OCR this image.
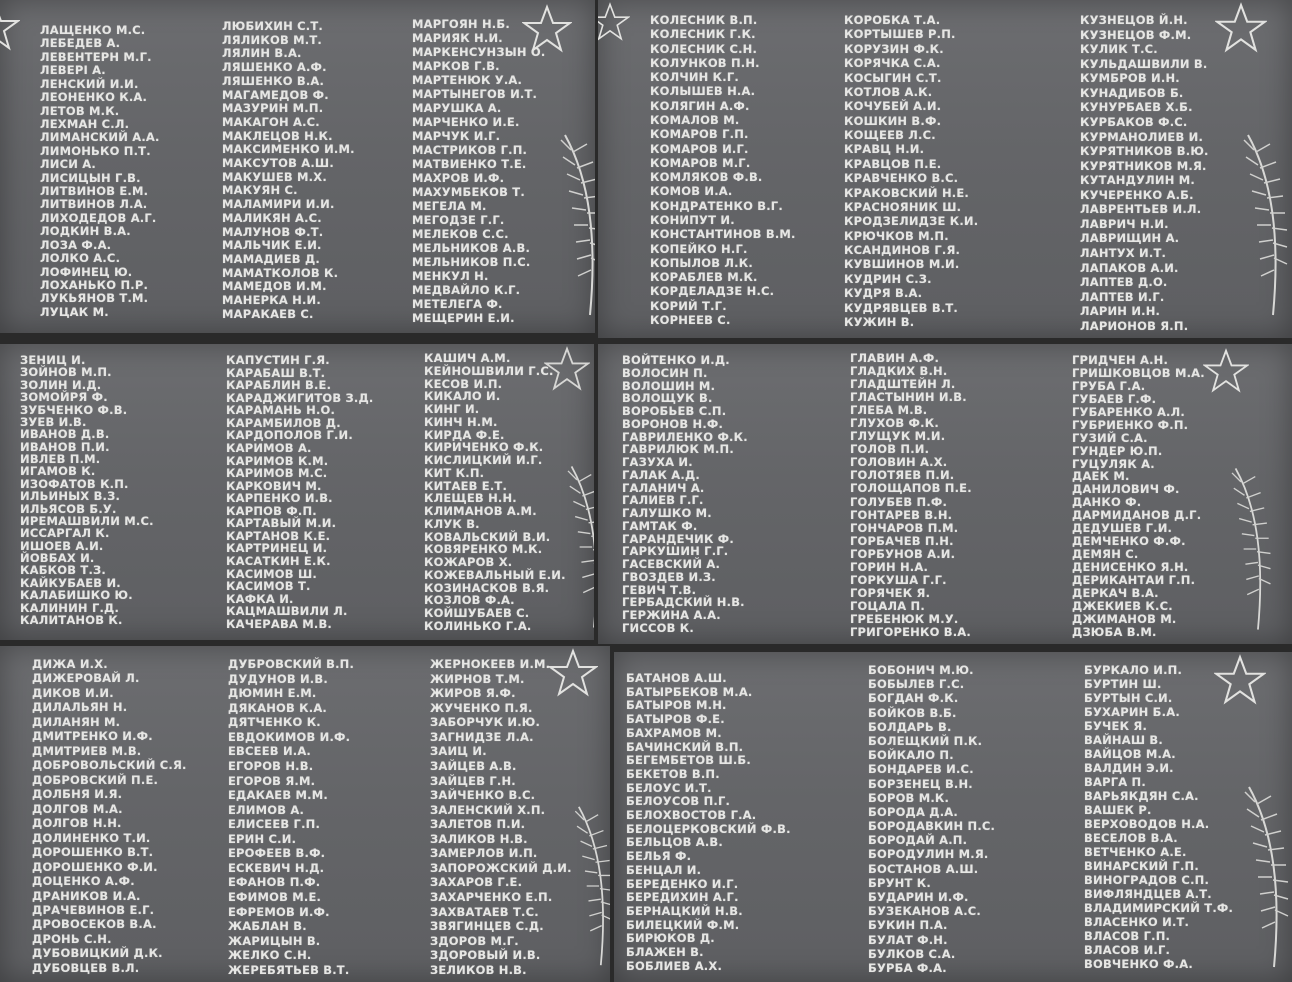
ЛАЩЕНКО М.С.
ЛЕБЕДЕВ А.
ЛЕВЕНТЕРН М.Г.
ЛЕВЕРІ А.
ЛЕНСКИЙ И.И.
ЛЕОНЕНКО К.А.
ЛЕТОВ М.К.
ЛЕХМАН С.Л.
ЛИМАНСКИЙ А.А.
ЛИМОНЬКО П.Т.
ЛИСИ А.
ЛИСИЦЫН Г.В.
ЛИТВИНОВ Е.М.
ЛИТВИНОВ Л.А.
ЛИХОДЕДОВ А.Г.
ЛОДКИН В.А.
ЛОЗА Ф.А.
ЛОЛКО А.С.
ЛОФИНЕЦ Ю.
ЛОХАНЬКО П.Р.
ЛУКЬЯНОВ Т.М.
ЛУЦАК М.
ЛЮБИХИН С.Т.
ЛЯЛИКОВ М.Т.
ЛЯЛИН В.А.
ЛЯШЕНКО А.Ф.
ЛЯШЕНКО В.А.
МАГАМЕДОВ Ф.
МАЗУРИН М.П.
МАКАГОН А.С.
МАКЛЕЦОВ Н.К.
МАКСИМЕНКО И.М.
МАКСУТОВ А.Ш.
МАКУШЕВ М.Х.
МАКУЯН С.
МАЛАМИРИ И.И.
МАЛИКЯН А.С.
МАЛУНОВ Ф.Т.
МАЛЬЧИК Е.И.
МАМАДИЕВ Д.
МАМАТКОЛОВ К.
МАМЕДОВ И.М.
МАНЕРКА Н.И.
МАРАКАЕВ С.
МАРГОЯН Н.Б.
МАРИЯК Н.И.
МАРКЕНСУНЗЫН О.
МАРКОВ Г.В.
МАРТЕНЮК У.А.
МАРТЫНЕГОВ И.Т.
МАРУШКА А.
МАРЧЕНКО И.Е.
МАРЧУК И.Г.
МАСТРИКОВ Г.П.
МАТВИЕНКО Т.Е.
МАХРОВ И.Ф.
МАХУМБЕКОВ Т.
МЕГЕЛА М.
МЕГОДЗЕ Г.Г.
МЕЛЕКОВ С.С.
МЕЛЬНИКОВ А.В.
МЕЛЬНИКОВ П.С.
МЕНКУЛ Н.
МЕДВАЙЛО К.Г.
МЕТЕЛЕГА Ф.
МЕЩЕРИН Е.И.
КОЛЕСНИК В.П.
КОЛЕСНИК Г.К.
КОЛЕСНИК С.Н.
КОЛУНКОВ П.Н.
КОЛЧИН К.Г.
КОЛЫШЕВ Н.А.
КОЛЯГИН А.Ф.
КОМАЛОВ М.
КОМАРОВ Г.П.
КОМАРОВ И.Г.
КОМАРОВ М.Г.
КОМЛЯКОВ Ф.В.
КОМОВ И.А.
КОНДРАТЕНКО В.Г.
КОНИПУТ И.
КОНСТАНТИНОВ В.М.
КОПЕЙКО Н.Г.
КОПЫЛОВ Л.К.
КОРАБЛЕВ М.К.
КОРДЕЛАДЗЕ Н.С.
КОРИЙ Т.Г.
КОРНЕЕВ С.
КОРОБКА Т.А.
КОРТЫШЕВ Р.П.
КОРУЗИН Ф.К.
КОРЯЧКА С.А.
КОСЫГИН С.Т.
КОТЛОВ А.К.
КОЧУБЕЙ А.И.
КОШКИН В.Ф.
КОЩЕЕВ Л.С.
КРАВЦ Н.И.
КРАВЦОВ П.Е.
КРАВЧЕНКО В.С.
КРАКОВСКИЙ Н.Е.
КРАСНОЯНИК Ш.
КРОДЗЕЛИДЗЕ К.И.
КРЮЧКОВ М.П.
КСАНДИНОВ Г.Я.
КУВШИНОВ М.И.
КУДРИН С.З.
КУДРЯ В.А.
КУДРЯВЦЕВ В.Т.
КУЖИН В.
КУЗНЕЦОВ Й.Н.
КУЗНЕЦОВ Ф.М.
КУЛИК Т.С.
КУЛЬДАШВИЛИ В.
КУМБРОВ И.Н.
КУНАДИБОВ Б.
КУНУРБАЕВ Х.Б.
КУРБАКОВ Ф.С.
КУРМАНОЛИЕВ И.
КУРЯТНИКОВ В.Ю.
КУРЯТНИКОВ М.Я.
КУТАНДУЛИН М.
КУЧЕРЕНКО А.Б.
ЛАВРЕНТЬЕВ И.Л.
ЛАВРИЧ Н.И.
ЛАВРИЩИН А.
ЛАНТУХ И.Т.
ЛАПАКОВ А.И.
ЛАПТЕВ Д.О.
ЛАПТЕВ И.Г.
ЛАРИН И.Н.
ЛАРИОНОВ Я.П.
ЗЕНИЦ И.
ЗОЙНОВ М.П.
ЗОЛИН И.Д.
ЗОМОЙРЯ Ф.
ЗУБЧЕНКО Ф.В.
ЗУЕВ И.В.
ИВАНОВ Д.В.
ИВАНОВ П.И.
ИВЛЕВ П.М.
ИГАМОВ К.
ИЗОФАТОВ К.П.
ИЛЬИНЫХ В.З.
ИЛЬЯСОВ Б.У.
ИРЕМАШВИЛИ М.С.
ИССАРГАЛ К.
ИШОЕВ А.И.
ЙОВБАХ И.
КАБКОВ Т.З.
КАЙКУБАЕВ И.
КАЛАБИШКО Ю.
КАЛИНИН Г.Д.
КАЛИТАНОВ К.
КАПУСТИН Г.Я.
КАРАБАШ В.Т.
КАРАБЛИН В.Е.
КАРАДЖИГИТОВ З.Д.
КАРАМАНЬ Н.О.
КАРАМБИЛОВ Д.
КАРДОПОЛОВ Г.И.
КАРИМОВ А.
КАРИМОВ К.М.
КАРИМОВ М.С.
КАРКОВИЧ М.
КАРПЕНКО И.В.
КАРПОВ Ф.П.
КАРТАВЫЙ М.И.
КАРТАНОВ К.Е.
КАРТРИНЕЦ И.
КАСАТКИН Е.К.
КАСИМОВ Ш.
КАСИМОВ Т.
КАФКА И.
КАЦМАШВИЛИ Л.
КАЧЕРАВА М.В.
КАШИЧ А.М.
КЕЙНОШВИЛИ Г.С.
КЕСОВ И.П.
КИКАЛО И.
КИНГ И.
КИНЧ Н.М.
КИРДА Ф.Е.
КИРИЧЕНКО Ф.К.
КИСЛИЦКИЙ И.Г.
КИТ К.П.
КИТАЕВ Е.Т.
КЛЕЩЕВ Н.Н.
КЛИМАНОВ А.М.
КЛУК В.
КОВАЛЬСКИЙ В.И.
КОВЯРЕНКО М.К.
КОЖАРОВ Х.
КОЖЕВАЛЬНЫЙ Е.И.
КОЗИНАСКОВ В.Я.
КОЗЛОВ Ф.А.
КОЙШУБАЕВ С.
КОЛИНЬКО Г.А.
ВОЙТЕНКО И.Д.
ВОЛОСИН П.
ВОЛОШИН М.
ВОЛОЩУК В.
ВОРОБЬЕВ С.П.
ВОРОНОВ Н.Ф.
ГАВРИЛЕНКО Ф.К.
ГАВРИЛЮК М.П.
ГАЗУХА И.
ГАЛАК А.Д.
ГАЛАНИЧ А.
ГАЛИЕВ Г.Г.
ГАЛУШКО М.
ГАМТАК Ф.
ГАРАНДЕЧИК Ф.
ГАРКУШИН Г.Г.
ГАСЕВСКИЙ А.
ГВОЗДЕВ И.З.
ГЕВИЧ Т.В.
ГЕРБАДСКИЙ Н.В.
ГЕРЖИНА А.А.
ГИССОВ К.
ГЛАВИН А.Ф.
ГЛАДКИХ В.Н.
ГЛАДШТЕЙН Л.
ГЛАСТЫНИН И.В.
ГЛЕБА М.В.
ГЛУХОВ Ф.К.
ГЛУЩУК М.И.
ГОЛОВ П.И.
ГОЛОВИН А.Х.
ГОЛОТЯЕВ П.И.
ГОЛОЩАПОВ П.Е.
ГОЛУБЕВ П.Ф.
ГОНТАРЕВ В.Н.
ГОНЧАРОВ П.М.
ГОРБАЧЕВ П.Н.
ГОРБУНОВ А.И.
ГОРИН Н.А.
ГОРКУША Г.Г.
ГОРЯЧЕК Я.
ГОЦАЛА П.
ГРЕБЕНЮК М.У.
ГРИГОРЕНКО В.А.
ГРИДЧЕН А.Н.
ГРИШКОВЦОВ М.А.
ГРУБА Г.А.
ГУБАЕВ Г.Ф.
ГУБАРЕНКО А.Л.
ГУБРИЕНКО Ф.П.
ГУЗИЙ С.А.
ГУНДЕР Ю.П.
ГУЦУЛЯК А.
ДАЕК М.
ДАНИЛОВИЧ Ф.
ДАНКО Ф.
ДАРМИДАНОВ Д.Г.
ДЕДУШЕВ Г.И.
ДЕМЧЕНКО Ф.Ф.
ДЕМЯН С.
ДЕНИСЕНКО Я.Н.
ДЕРИКАНТАИ Г.П.
ДЕРКАЧ В.А.
ДЖЕКИЕВ К.С.
ДЖИМАНОВ М.
ДЗЮБА В.М.
ДИЖА И.Х.
ДИЖЕРОВАЙ Л.
ДИКОВ И.И.
ДИЛАЛЬЯН Н.
ДИЛАНЯН М.
ДМИТРЕНКО И.Ф.
ДМИТРИЕВ М.В.
ДОБРОВОЛЬСКИЙ С.Я.
ДОБРОВСКИЙ П.Е.
ДОЛБНЯ И.Я.
ДОЛГОВ М.А.
ДОЛГОВ Н.Н.
ДОЛИНЕНКО Т.И.
ДОРОШЕНКО В.Т.
ДОРОШЕНКО Ф.И.
ДОЦЕНКО А.Ф.
ДРАНИКОВ И.А.
ДРАЧЕВИНОВ Е.Г.
ДРОВОСЕКОВ В.А.
ДРОНЬ С.Н.
ДУБОВИЦКИЙ Д.К.
ДУБОВЦЕВ В.Л.
ДУБРОВСКИЙ В.П.
ДУДУНОВ И.В.
ДЮМИН Е.М.
ДЯКАНОВ К.А.
ДЯТЧЕНКО К.
ЕВДОКИМОВ И.Ф.
ЕВСЕЕВ И.А.
ЕГОРОВ Н.В.
ЕГОРОВ Я.М.
ЕДАКАЕВ М.М.
ЕЛИМОВ А.
ЕЛИСЕЕВ Г.П.
ЕРИН С.И.
ЕРОФЕЕВ В.Ф.
ЕСКЕВИЧ Н.Д.
ЕФАНОВ П.Ф.
ЕФИМОВ М.Е.
ЕФРЕМОВ И.Ф.
ЖАБЛАН В.
ЖАРИЦЫН В.
ЖЕЛКО С.Н.
ЖЕРЕБЯТЬЕВ В.Т.
ЖЕРНОКЕЕВ И.М.
ЖИРНОВ Т.М.
ЖИРОВ Я.Ф.
ЖУЧЕНКО П.Я.
ЗАБОРЧУК И.Ю.
ЗАГНИДЗЕ Л.А.
ЗАИЦ И.
ЗАЙЦЕВ А.В.
ЗАЙЦЕВ Г.Н.
ЗАЙЧЕНКО В.С.
ЗАЛЕНСКИЙ Х.П.
ЗАЛЕТОВ П.И.
ЗАЛИКОВ Н.В.
ЗАМЕРЛОВ И.П.
ЗАПОРОЖСКИЙ Д.И.
ЗАХАРОВ Г.Е.
ЗАХАРЧЕНКО Е.П.
ЗАХВАТАЕВ Т.С.
ЗВЯГИНЦЕВ С.Д.
ЗДОРОВ М.Г.
ЗДОРОВЫЙ И.В.
ЗЕЛИКОВ Н.В.
БАТАНОВ А.Ш.
БАТЫРБЕКОВ М.А.
БАТЫРОВ М.Н.
БАТЫРОВ Ф.Е.
БАХРАМОВ М.
БАЧИНСКИЙ В.П.
БЕГЕМБЕТОВ Ш.Б.
БЕКЕТОВ В.П.
БЕЛОУС И.Т.
БЕЛОУСОВ П.Г.
БЕЛОХВОСТОВ Г.А.
БЕЛОЦЕРКОВСКИЙ Ф.В.
БЕЛЬЦОВ А.В.
БЕЛЬЯ Ф.
БЕНЦАЛ И.
БЕРЕДЕНКО И.Г.
БЕРЕДИХИН А.Г.
БЕРНАЦКИЙ Н.В.
БИЛЕЦКИЙ Ф.М.
БИРЮКОВ Д.
БЛАЖЕН В.
БОБЛИЕВ А.Х.
БОБОНИЧ М.Ю.
БОБЫЛЕВ Г.С.
БОГДАН Ф.К.
БОЙКОВ В.Б.
БОЛДАРЬ В.
БОЛЕЩКИЙ П.К.
БОЙКАЛО П.
БОНДАРЕВ И.С.
БОРЗЕНЕЦ В.Н.
БОРОВ М.К.
БОРОДА Д.А.
БОРОДАВКИН П.С.
БОРОДАЙ А.П.
БОРОДУЛИН М.Я.
БОСТАНОВ А.Ш.
БРУНТ К.
БУДАРИН И.Ф.
БУЗЕКАНОВ А.С.
БУКИН П.А.
БУЛАТ Ф.Н.
БУЛКОВ С.А.
БУРБА Ф.А.
БУРКАЛО И.П.
БУРТИН Ш.
БУРТЫН С.И.
БУХАРИН Б.А.
БУЧЕК Я.
ВАЙНАШ В.
ВАЙЦОВ М.А.
ВАЛДИН Э.И.
ВАРГА П.
ВАРЬЯКДЯН С.А.
ВАШЕК Р.
ВЕРХОВОДОВ Н.А.
ВЕСЕЛОВ В.А.
ВЕТЧЕНКО А.Е.
ВИНАРСКИЙ Г.П.
ВИНОГРАДОВ С.П.
ВИФЛЯНДЦЕВ А.Т.
ВЛАДИМИРСКИЙ Т.Ф.
ВЛАСЕНКО И.Т.
ВЛАСОВ Г.П.
ВЛАСОВ И.Г.
ВОВЧЕНКО Ф.А.
